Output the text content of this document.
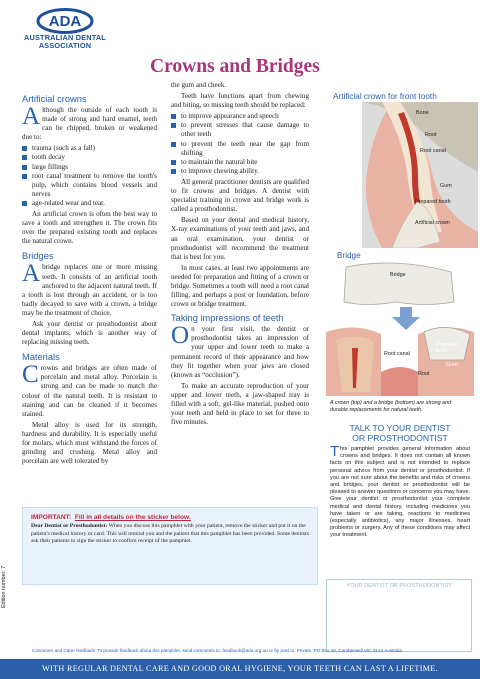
ADA
AUSTRALIAN DENTAL
ASSOCIATION
Crowns and Bridges
Artificial crowns

Although the outside of each tooth is made of strong and hard enamel, teeth can be chipped, broken or weakened due to:

trauma (such as a fall)
tooth decay
large fillings
root canal treatment to remove the tooth's pulp, which contains blood vessels and nerves
age-related wear and tear.

An artificial crown is often the best way to save a tooth and strengthen it. The crown fits over the prepared existing tooth and replaces the natural crown.

Bridges

A bridge replaces one or more missing teeth. It consists of an artificial tooth anchored to the adjacent natural teeth. If a tooth is lost through an accident, or is too badly decayed to save with a crown, a bridge may be the treatment of choice.

Ask your dentist or prosthodontist about dental implants, which is another way of replacing missing teeth.

Materials

Crowns and bridges are often made of porcelain and metal alloy. Porcelain is strong and can be made to match the colour of the natural teeth. It is resistant to staining and can be cleaned if it becomes stained.

Metal alloy is used for its strength, hardness and durability. It is especially useful for molars, which must withstand the forces of grinding and crushing. Metal alloy and porcelain are well tolerated by

the gum and cheek.

Teeth have functions apart from chewing and biting, so missing teeth should be replaced:

to improve appearance and speech
to prevent stresses that cause damage to other teeth
to prevent the teeth near the gap from shifting
to maintain the natural bite
to improve chewing ability.

All general practitioner dentists are qualified to fit crowns and bridges. A dentist with specialist training in crown and bridge work is called a prosthodontist.

Based on your dental and medical history, X-ray examinations of your teeth and jaws, and an oral examination, your dentist or prosthodontist will recommend the treatment that is best for you.

In most cases, at least two appointments are needed for preparation and fitting of a crown or bridge. Sometimes a tooth will need a root canal filling, and perhaps a post or foundation, before crown or bridge treatment.

Taking impressions of teeth

On your first visit, the dentist or prosthodontist takes an impression of your upper and lower teeth to make a permanent record of their appearance and how they fit together when your jaws are closed (known as “occlusion”).

To make an accurate reproduction of your upper and lower teeth, a jaw-shaped tray is filled with a soft, gel-like material, pushed onto your teeth and held in place to set for three to five minutes.

Artificial crown for front tooth
Bone
Root
Root canal
Gum
Prepared tooth
Artificial crown
Bridge
Bridge
Root canal
Prepared tooth
Gum
Root
A crown (top) and a bridge (bottom) are strong and durable replacements for natural teeth.
TALK TO YOUR DENTIST
OR PROSTHODONTIST
This pamphlet provides general information about crowns and bridges. It does not contain all known facts on this subject and is not intended to replace personal advice from your dentist or prosthodontist. If you are not sure about the benefits and risks of crowns and bridges, your dentist or prosthodontist will be pleased to answer questions or concerns you may have. Give your dentist or prosthodontist your complete medical and dental history, including medicines you have taken or are taking, reactions to medicines (especially antibiotics), any major illnesses, heart problems or surgery. Any of these conditions may affect your treatment.
YOUR DENTIST OR PROSTHODONTIST
IMPORTANT: Fill in all details on the sticker below.
Dear Dentist or Prosthodontist: When you discuss this pamphlet with your patient, remove the sticker and put it on the patient's medical history or card. This will remind you and the patient that this pamphlet has been provided. Some dentists ask their patients to sign the sticker to confirm receipt of the pamphlet.
Edition number: 7
Consumer and Carer feedback: To provide feedback about this pamphlet, send comments to: feedback@ada.org.au or by post to: Private, PO Box 28, Camberwell VIC 3124 Australia
WITH REGULAR DENTAL CARE AND GOOD ORAL HYGIENE, YOUR TEETH CAN LAST A LIFETIME.
